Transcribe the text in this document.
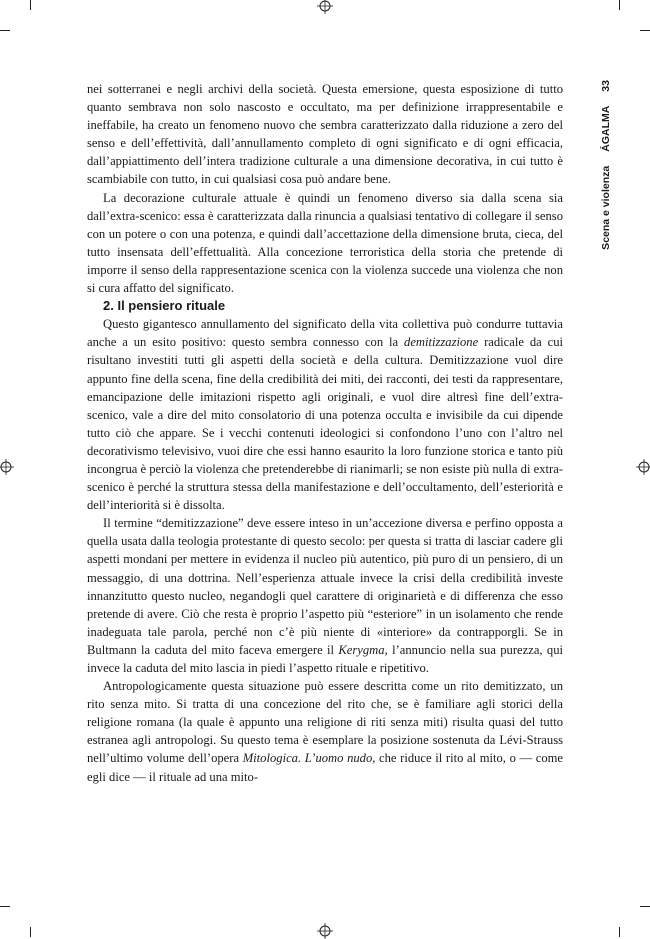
Scena e violenza
ÁGALMA
33

nei sotterranei e negli archivi della società. Questa emersione, questa esposizione di tutto quanto sembrava non solo nascosto e occultato, ma per definizione irrappresentabile e ineffabile, ha creato un fenomeno nuovo che sembra caratterizzato dalla riduzione a zero del senso e dell’effettività, dall’annullamento completo di ogni significato e di ogni efficacia, dall’appiattimento dell’intera tradizione culturale a una dimensione decorativa, in cui tutto è scambiabile con tutto, in cui qualsiasi cosa può andare bene.

La decorazione culturale attuale è quindi un fenomeno diverso sia dalla scena sia dall’extra-scenico: essa è caratterizzata dalla rinuncia a qualsiasi tentativo di collegare il senso con un potere o con una potenza, e quindi dall’accettazione della dimensione bruta, cieca, del tutto insensata dell’effettualità. Alla concezione terroristica della storia che pretende di imporre il senso della rappresentazione scenica con la violenza succede una violenza che non si cura affatto del significato.

2. Il pensiero rituale

Questo gigantesco annullamento del significato della vita collettiva può condurre tuttavia anche a un esito positivo: questo sembra connesso con la demitizzazione radicale da cui risultano investiti tutti gli aspetti della società e della cultura. Demitizzazione vuol dire appunto fine della scena, fine della credibilità dei miti, dei racconti, dei testi da rappresentare, emancipazione delle imitazioni rispetto agli originali, e vuol dire altresì fine dell’extra-scenico, vale a dire del mito consolatorio di una potenza occulta e invisibile da cui dipende tutto ciò che appare. Se i vecchi contenuti ideologici si confondono l’uno con l’altro nel decorativismo televisivo, vuoi dire che essi hanno esaurito la loro funzione storica e tanto più incongrua è perciò la violenza che pretenderebbe di rianimarli; se non esiste più nulla di extra-scenico è perché la struttura stessa della manifestazione e dell’occultamento, dell’esteriorità e dell’interiorità si è dissolta.

Il termine “demitizzazione” deve essere inteso in un’accezione diversa e perfino opposta a quella usata dalla teologia protestante di questo secolo: per questa si tratta di lasciar cadere gli aspetti mondani per mettere in evidenza il nucleo più autentico, più puro di un pensiero, di un messaggio, di una dottrina. Nell’esperienza attuale invece la crisi della credibilità investe innanzitutto questo nucleo, negandogli quel carattere di originarietà e di differenza che esso pretende di avere. Ciò che resta è proprio l’aspetto più “esteriore” in un isolamento che rende inadeguata tale parola, perché non c’è più niente di «interiore» da contrapporgli. Se in Bultmann la caduta del mito faceva emergere il Kerygma, l’annuncio nella sua purezza, qui invece la caduta del mito lascia in piedi l’aspetto rituale e ripetitivo.

Antropologicamente questa situazione può essere descritta come un rito demitizzato, un rito senza mito. Si tratta di una concezione del rito che, se è familiare agli storici della religione romana (la quale è appunto una religione di riti senza miti) risulta quasi del tutto estranea agli antropologi. Su questo tema è esemplare la posizione sostenuta da Lévi-Strauss nell’ultimo volume dell’opera Mitologica. L’uomo nudo, che riduce il rito al mito, o — come egli dice — il rituale ad una mito-
